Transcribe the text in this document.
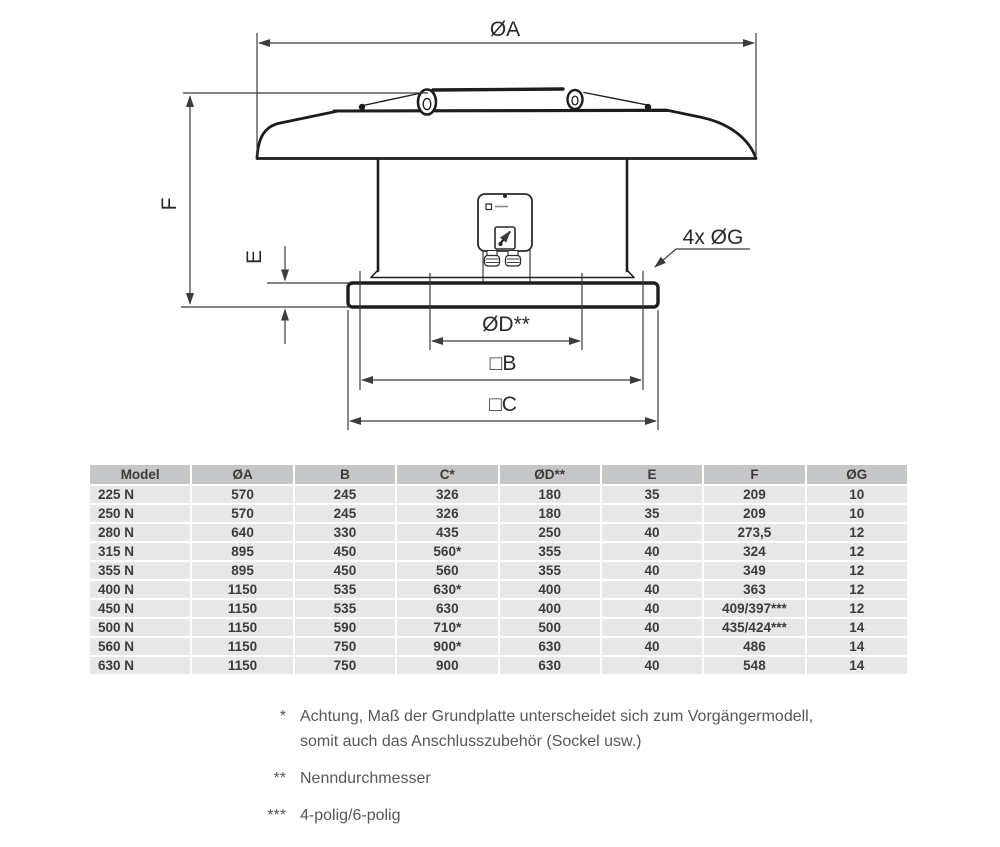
ØA
F
E
ØD**
□B
□C
4x ØG
Model	ØA	B	C*	ØD**	E	F	ØG
225 N	570	245	326	180	35	209	10
250 N	570	245	326	180	35	209	10
280 N	640	330	435	250	40	273,5	12
315 N	895	450	560*	355	40	324	12
355 N	895	450	560	355	40	349	12
400 N	1150	535	630*	400	40	363	12
450 N	1150	535	630	400	40	409/397***	12
500 N	1150	590	710*	500	40	435/424***	14
560 N	1150	750	900*	630	40	486	14
630 N	1150	750	900	630	40	548	14
* Achtung, Maß der Grundplatte unterscheidet sich zum Vorgängermodell,
somit auch das Anschlusszubehör (Sockel usw.)
** Nenndurchmesser
*** 4-polig/6-polig
